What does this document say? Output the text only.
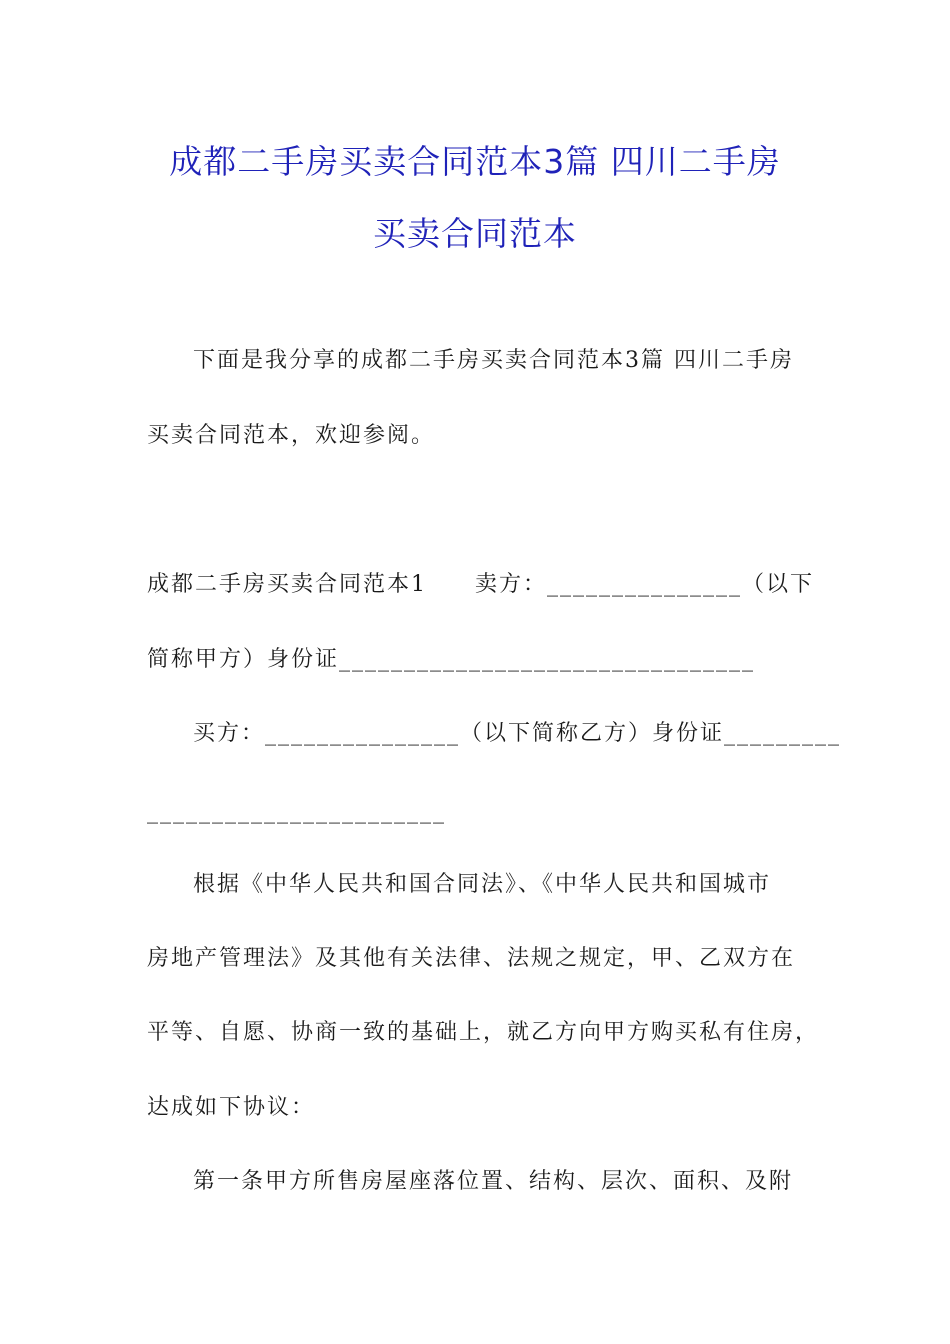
成都二手房买卖合同范本3篇 四川二手房
买卖合同范本
下面是我分享的成都二手房买卖合同范本3篇 四川二手房
买卖合同范本，欢迎参阅。
成都二手房买卖合同范本1　　卖方：_______________（以下
简称甲方）身份证________________________________
买方：_______________（以下简称乙方）身份证_________
_______________________
根据《中华人民共和国合同法》、《中华人民共和国城市
房地产管理法》及其他有关法律、法规之规定，甲、乙双方在
平等、自愿、协商一致的基础上，就乙方向甲方购买私有住房，
达成如下协议：
第一条甲方所售房屋座落位置、结构、层次、面积、及附
